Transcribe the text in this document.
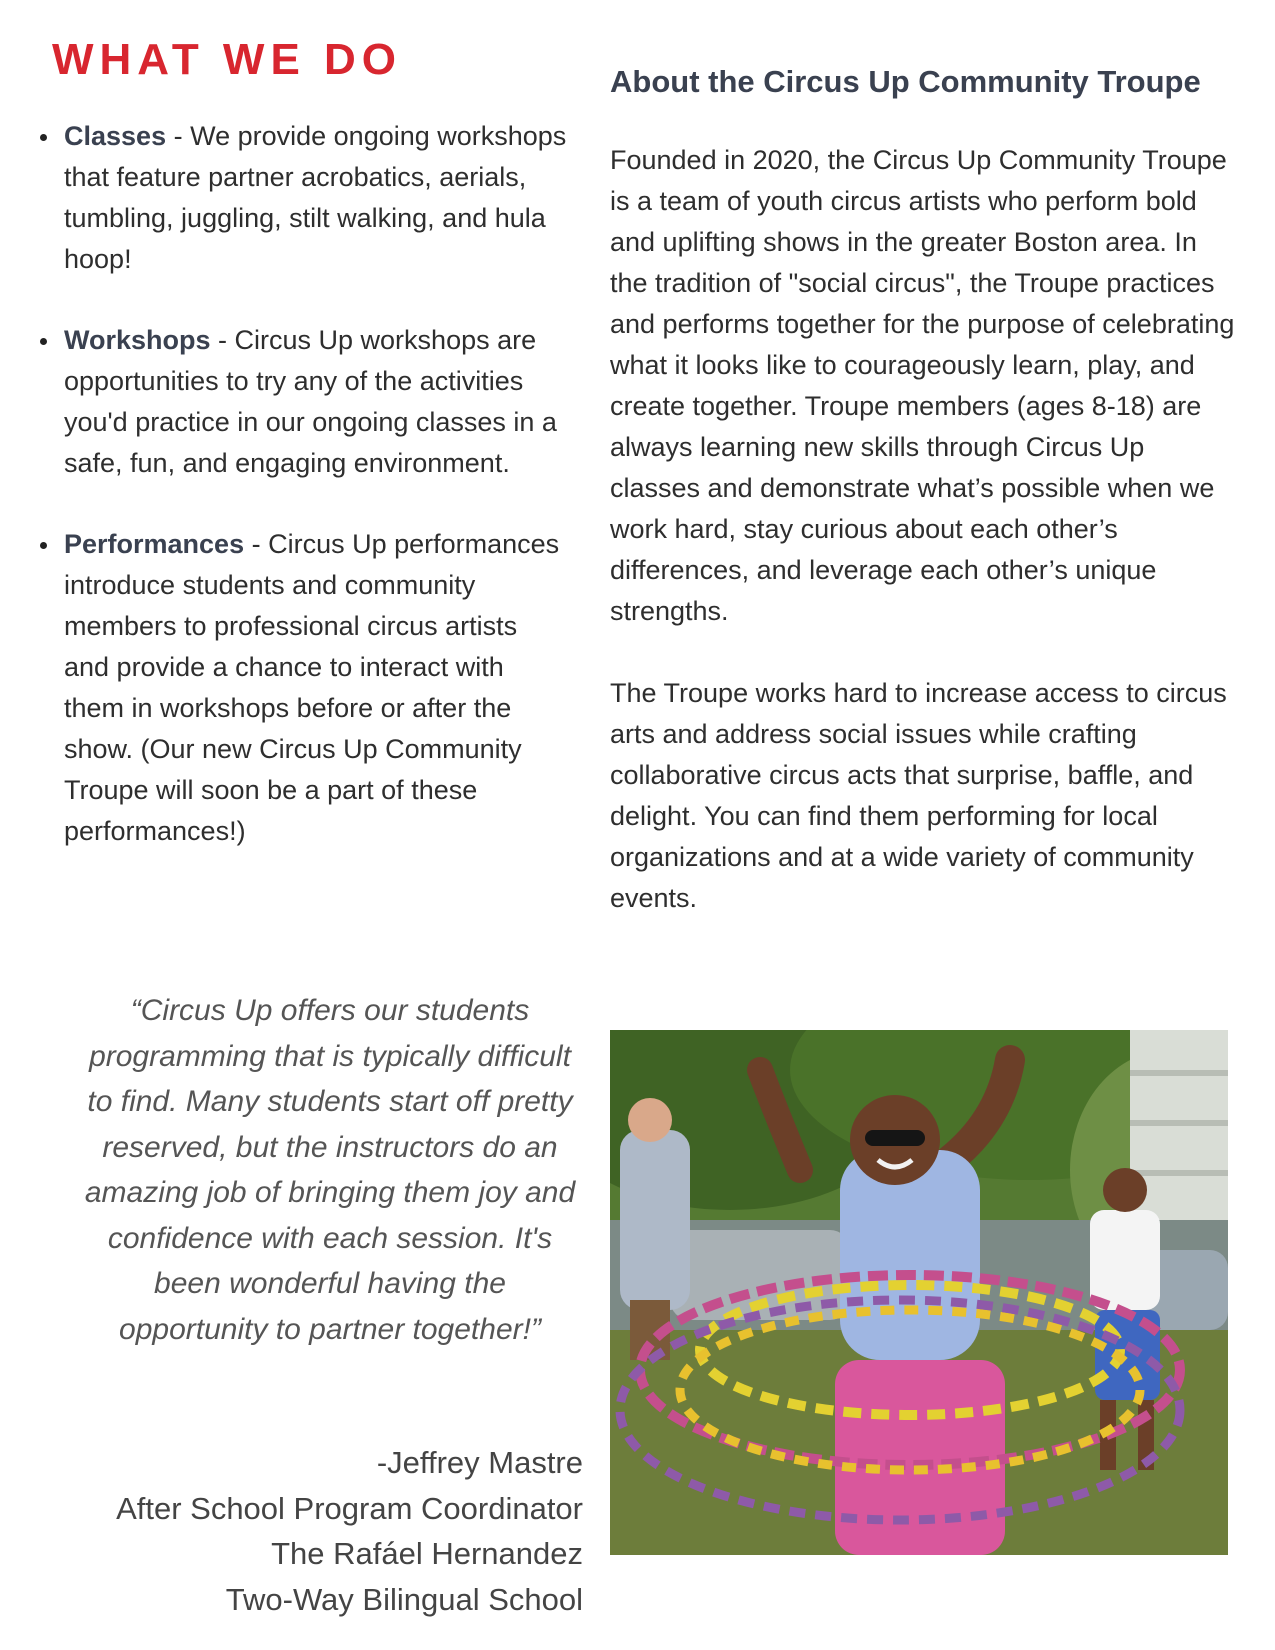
WHAT WE DO
Classes - We provide ongoing workshops that feature partner acrobatics, aerials, tumbling, juggling, stilt walking, and hula hoop!
Workshops - Circus Up workshops are opportunities to try any of the activities you'd practice in our ongoing classes in a safe, fun, and engaging environment.
Performances - Circus Up performances introduce students and community members to professional circus artists and provide a chance to interact with them in workshops before or after the show. (Our new Circus Up Community Troupe will soon be a part of these performances!)
About the Circus Up Community Troupe

Founded in 2020, the Circus Up Community Troupe is a team of youth circus artists who perform bold and uplifting shows in the greater Boston area. In the tradition of "social circus", the Troupe practices and performs together for the purpose of celebrating what it looks like to courageously learn, play, and create together. Troupe members (ages 8-18) are always learning new skills through Circus Up classes and demonstrate what’s possible when we work hard, stay curious about each other’s differences, and leverage each other’s unique strengths.

The Troupe works hard to increase access to circus arts and address social issues while crafting collaborative circus acts that surprise, baffle, and delight. You can find them performing for local organizations and at a wide variety of community events.

“Circus Up offers our students programming that is typically difficult to find. Many students start off pretty reserved, but the instructors do an amazing job of bringing them joy and confidence with each session. It's been wonderful having the opportunity to partner together!”
-Jeffrey Mastre
After School Program Coordinator
The Rafáel Hernandez
Two-Way Bilingual School
